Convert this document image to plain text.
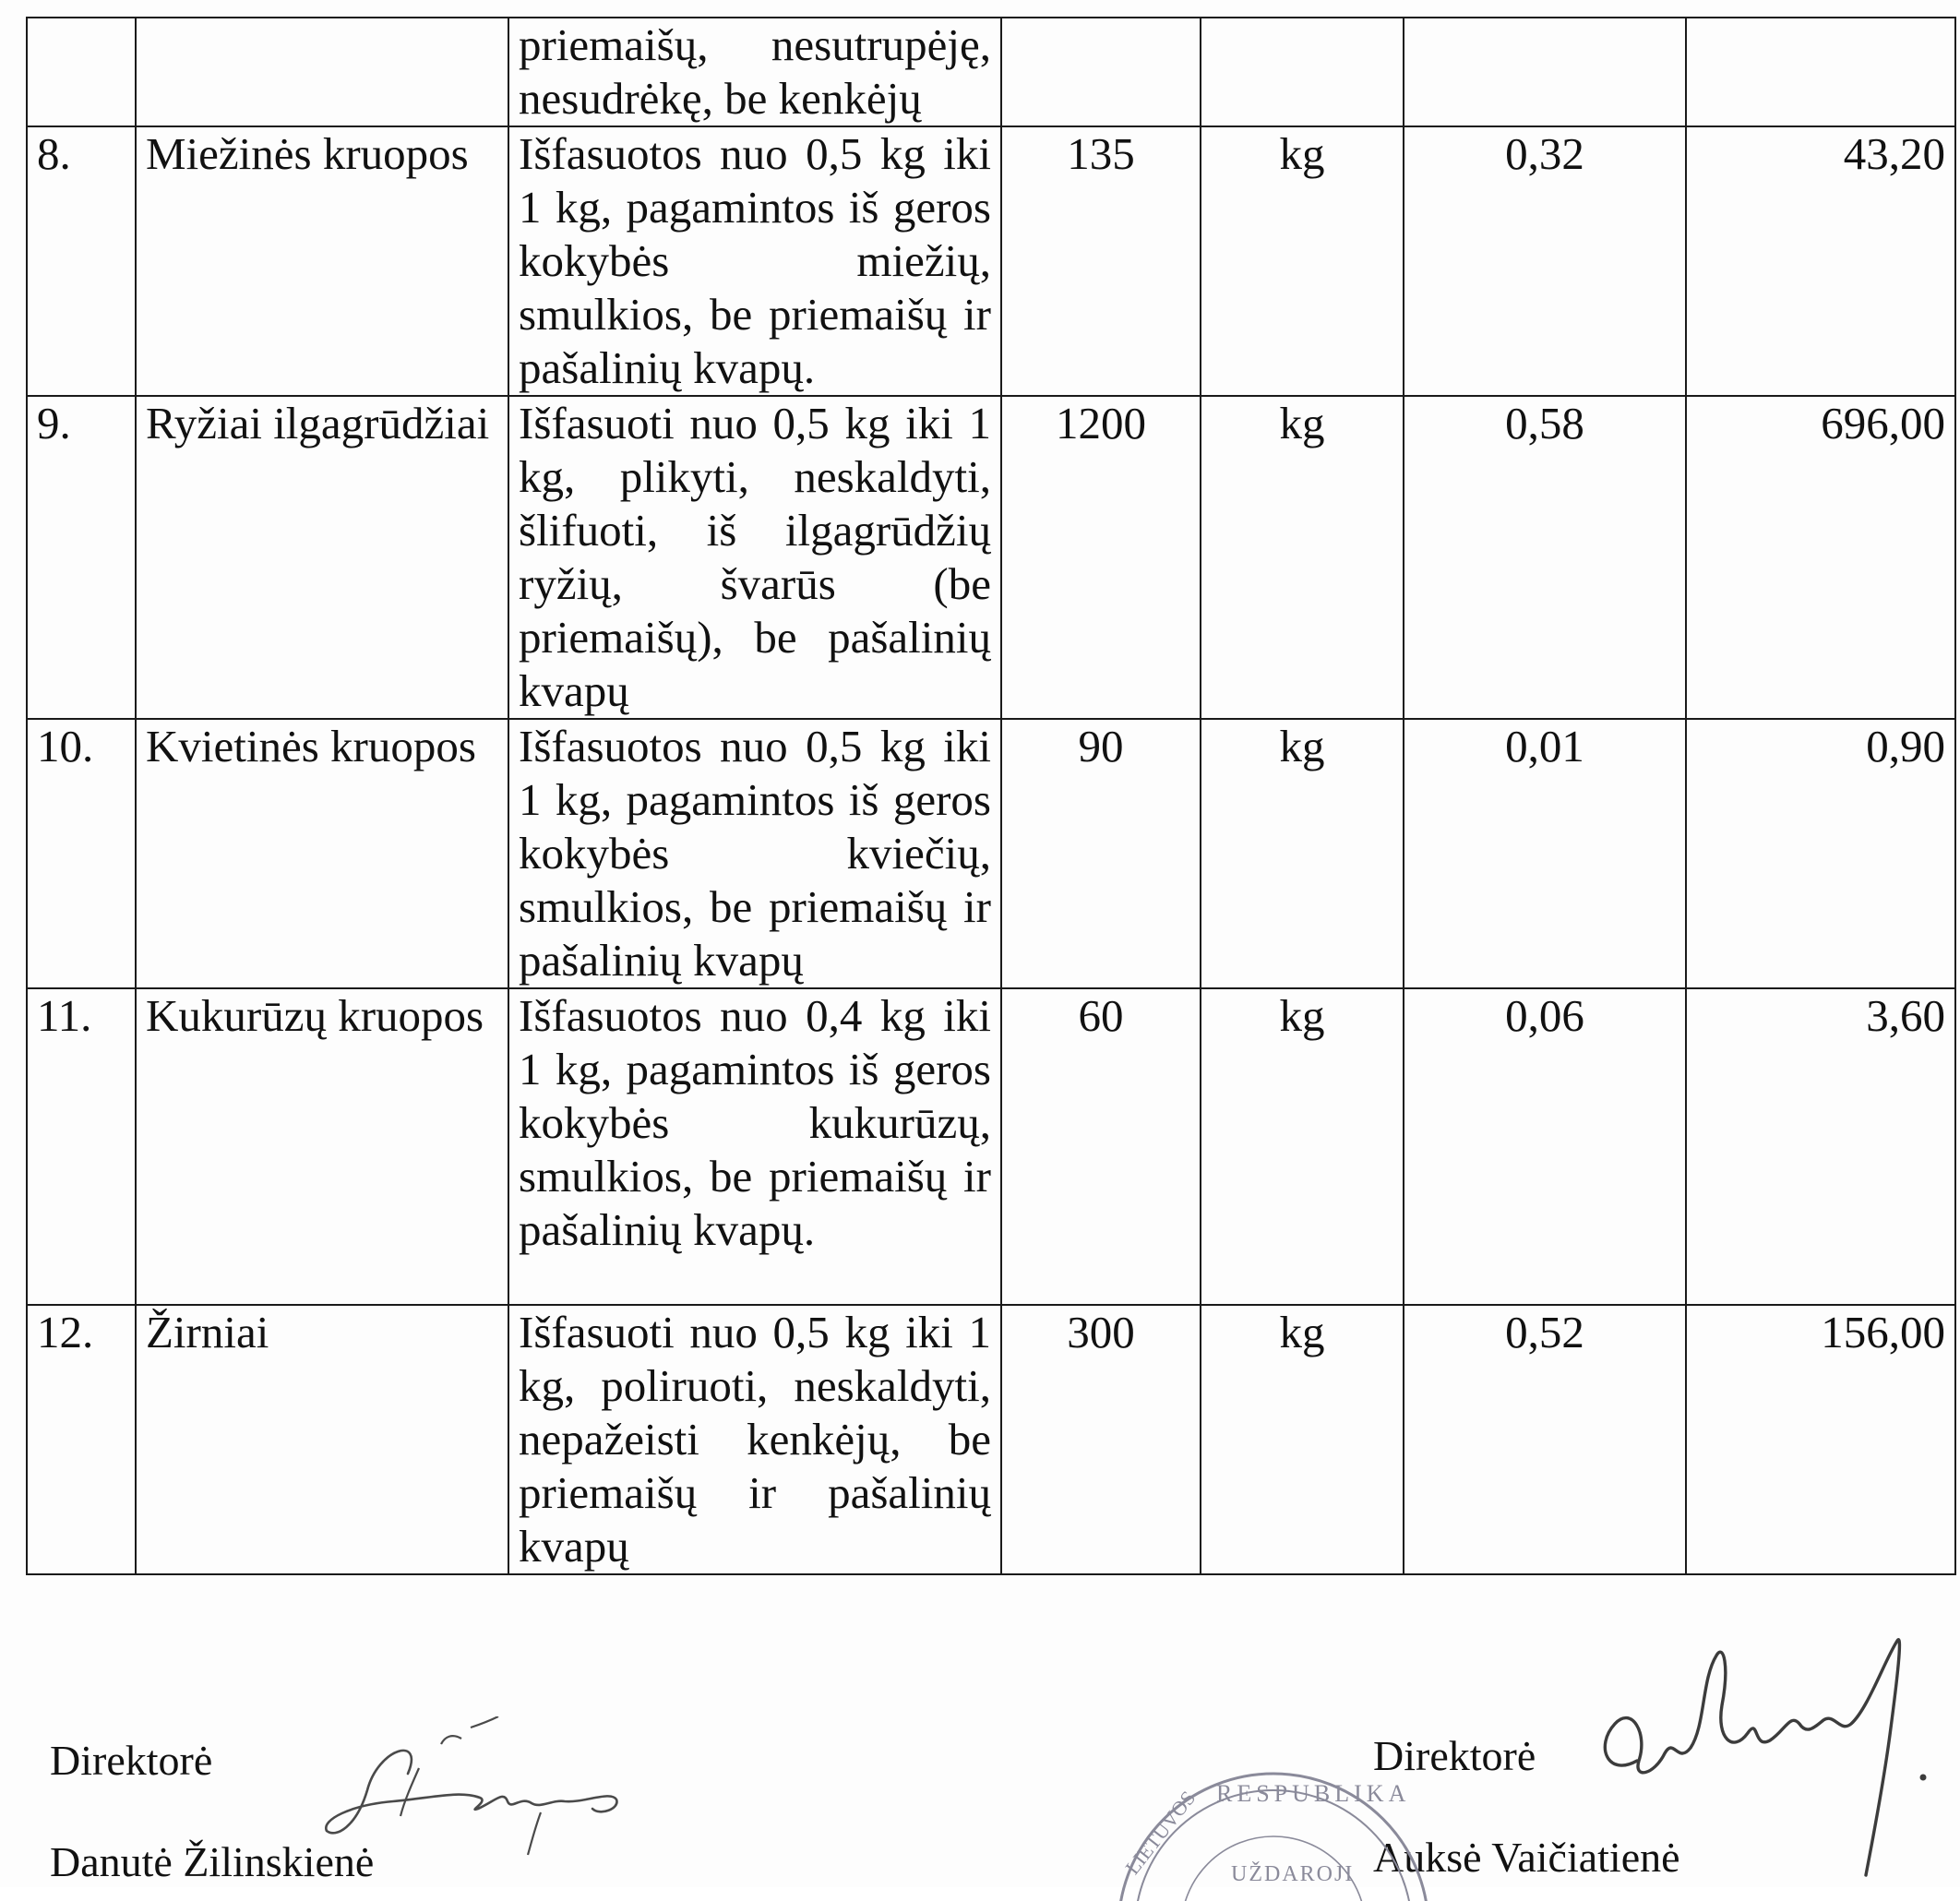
		priemaišų, nesutrupėję, nesudrėkę, be kenkėjų				
8.	Miežinės kruopos	Išfasuotos nuo 0,5 kg iki 1 kg, pagamintos iš geros kokybės miežių, smulkios, be priemaišų ir pašalinių kvapų.	135	kg	0,32	43,20
9.	Ryžiai ilgagrūdžiai	Išfasuoti nuo 0,5 kg iki 1 kg, plikyti, neskaldyti, šlifuoti, iš ilgagrūdžių ryžių, švarūs (be priemaišų), be pašalinių kvapų	1200	kg	0,58	696,00
10.	Kvietinės kruopos	Išfasuotos nuo 0,5 kg iki 1 kg, pagamintos iš geros kokybės kviečių, smulkios, be priemaišų ir pašalinių kvapų	90	kg	0,01	0,90
11.	Kukurūzų kruopos	Išfasuotos nuo 0,4 kg iki 1 kg, pagamintos iš geros kokybės kukurūzų, smulkios, be priemaišų ir pašalinių kvapų.	60	kg	0,06	3,60
12.	Žirniai	Išfasuoti nuo 0,5 kg iki 1 kg, poliruoti, neskaldyti, nepažeisti kenkėjų, be priemaišų ir pašalinių kvapų	300	kg	0,52	156,00
Direktorė
Danutė Žilinskienė
Direktorė
Auksė Vaičiatienė
RESPUBLIKA
LIETUVOS UŽDAROJI
